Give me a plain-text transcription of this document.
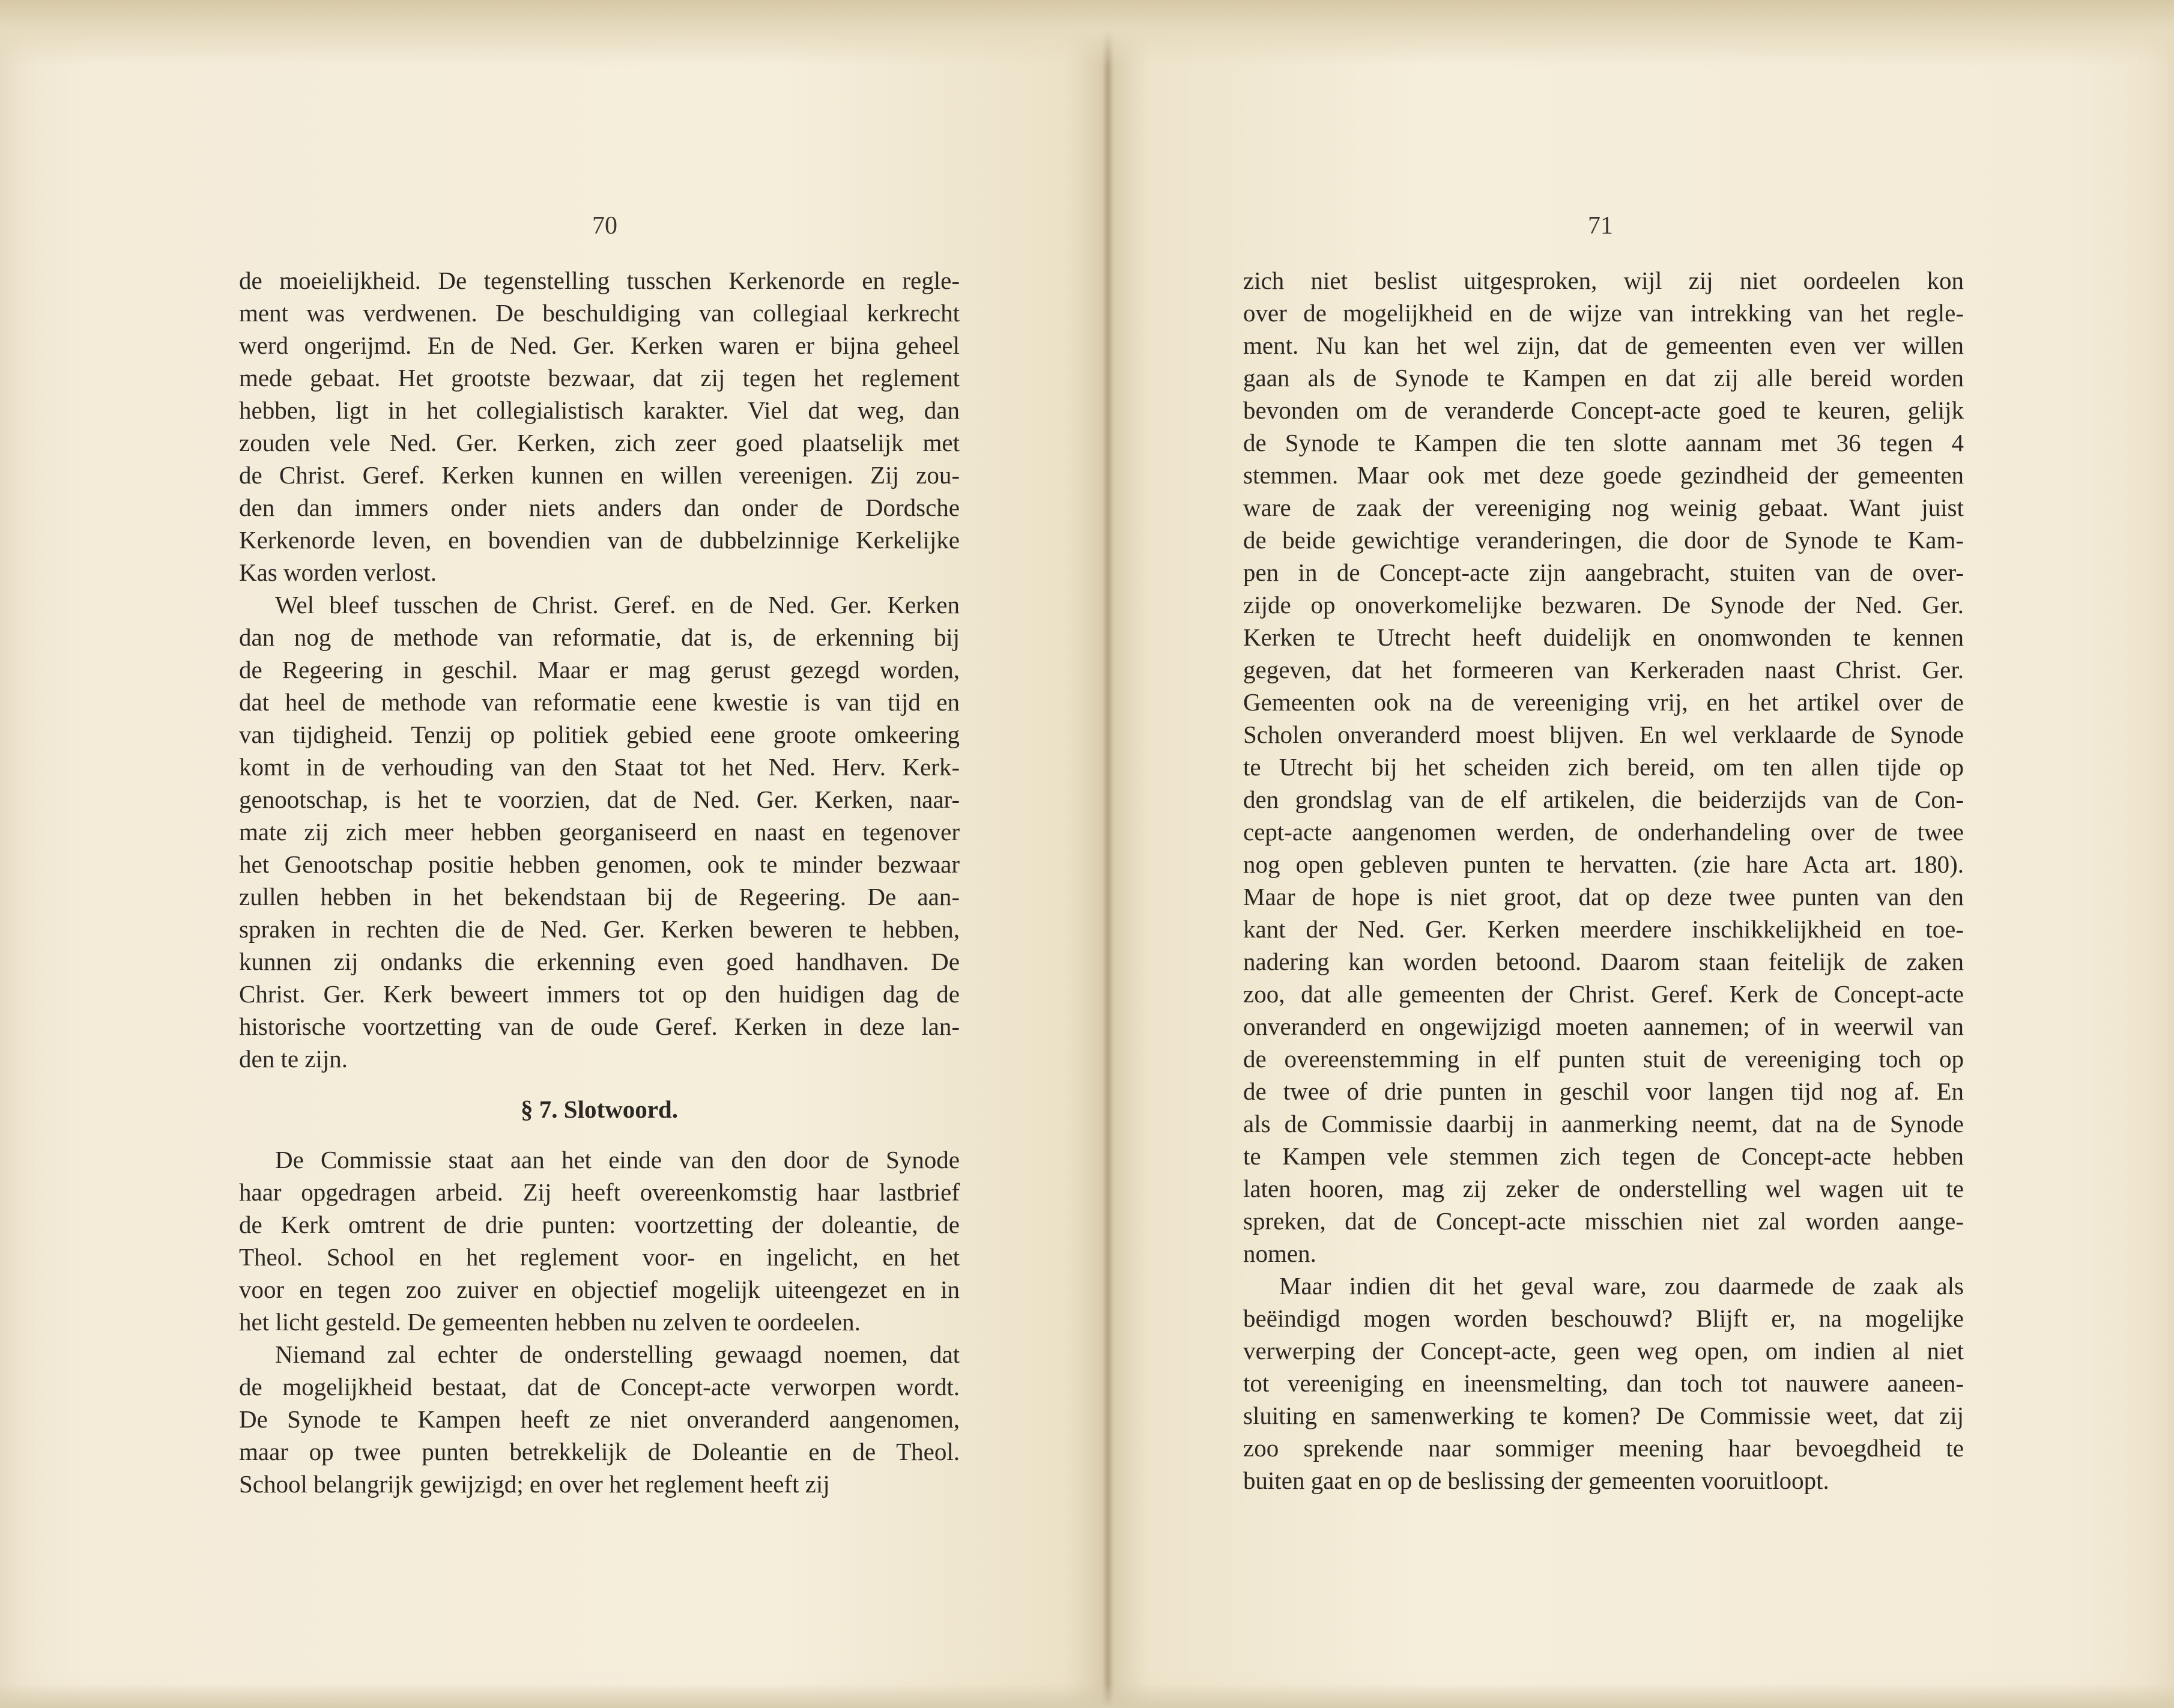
70
de moeielijkheid. De tegenstelling tusschen Kerkenorde en regle-
ment was verdwenen. De beschuldiging van collegiaal kerkrecht
werd ongerijmd. En de Ned. Ger. Kerken waren er bijna geheel
mede gebaat. Het grootste bezwaar, dat zij tegen het reglement
hebben, ligt in het collegialistisch karakter. Viel dat weg, dan
zouden vele Ned. Ger. Kerken, zich zeer goed plaatselijk met
de Christ. Geref. Kerken kunnen en willen vereenigen. Zij zou-
den dan immers onder niets anders dan onder de Dordsche
Kerkenorde leven, en bovendien van de dubbelzinnige Kerkelijke
Kas worden verlost.
Wel bleef tusschen de Christ. Geref. en de Ned. Ger. Kerken
dan nog de methode van reformatie, dat is, de erkenning bij
de Regeering in geschil. Maar er mag gerust gezegd worden,
dat heel de methode van reformatie eene kwestie is van tijd en
van tijdigheid. Tenzij op politiek gebied eene groote omkeering
komt in de verhouding van den Staat tot het Ned. Herv. Kerk-
genootschap, is het te voorzien, dat de Ned. Ger. Kerken, naar-
mate zij zich meer hebben georganiseerd en naast en tegenover
het Genootschap positie hebben genomen, ook te minder bezwaar
zullen hebben in het bekendstaan bij de Regeering. De aan-
spraken in rechten die de Ned. Ger. Kerken beweren te hebben,
kunnen zij ondanks die erkenning even goed handhaven. De
Christ. Ger. Kerk beweert immers tot op den huidigen dag de
historische voortzetting van de oude Geref. Kerken in deze lan-
den te zijn.

§ 7. Slotwoord.

De Commissie staat aan het einde van den door de Synode
haar opgedragen arbeid. Zij heeft overeenkomstig haar lastbrief
de Kerk omtrent de drie punten: voortzetting der doleantie, de
Theol. School en het reglement voor- en ingelicht, en het
voor en tegen zoo zuiver en objectief mogelijk uiteengezet en in
het licht gesteld. De gemeenten hebben nu zelven te oordeelen.
Niemand zal echter de onderstelling gewaagd noemen, dat
de mogelijkheid bestaat, dat de Concept-acte verworpen wordt.
De Synode te Kampen heeft ze niet onveranderd aangenomen,
maar op twee punten betrekkelijk de Doleantie en de Theol.
School belangrijk gewijzigd; en over het reglement heeft zij
71
zich niet beslist uitgesproken, wijl zij niet oordeelen kon
over de mogelijkheid en de wijze van intrekking van het regle-
ment. Nu kan het wel zijn, dat de gemeenten even ver willen
gaan als de Synode te Kampen en dat zij alle bereid worden
bevonden om de veranderde Concept-acte goed te keuren, gelijk
de Synode te Kampen die ten slotte aannam met 36 tegen 4
stemmen. Maar ook met deze goede gezindheid der gemeenten
ware de zaak der vereeniging nog weinig gebaat. Want juist
de beide gewichtige veranderingen, die door de Synode te Kam-
pen in de Concept-acte zijn aangebracht, stuiten van de over-
zijde op onoverkomelijke bezwaren. De Synode der Ned. Ger.
Kerken te Utrecht heeft duidelijk en onomwonden te kennen
gegeven, dat het formeeren van Kerkeraden naast Christ. Ger.
Gemeenten ook na de vereeniging vrij, en het artikel over de
Scholen onveranderd moest blijven. En wel verklaarde de Synode
te Utrecht bij het scheiden zich bereid, om ten allen tijde op
den grondslag van de elf artikelen, die beiderzijds van de Con-
cept-acte aangenomen werden, de onderhandeling over de twee
nog open gebleven punten te hervatten. (zie hare Acta art. 180).
Maar de hope is niet groot, dat op deze twee punten van den
kant der Ned. Ger. Kerken meerdere inschikkelijkheid en toe-
nadering kan worden betoond. Daarom staan feitelijk de zaken
zoo, dat alle gemeenten der Christ. Geref. Kerk de Concept-acte
onveranderd en ongewijzigd moeten aannemen; of in weerwil van
de overeenstemming in elf punten stuit de vereeniging toch op
de twee of drie punten in geschil voor langen tijd nog af. En
als de Commissie daarbij in aanmerking neemt, dat na de Synode
te Kampen vele stemmen zich tegen de Concept-acte hebben
laten hooren, mag zij zeker de onderstelling wel wagen uit te
spreken, dat de Concept-acte misschien niet zal worden aange-
nomen.
Maar indien dit het geval ware, zou daarmede de zaak als
beëindigd mogen worden beschouwd? Blijft er, na mogelijke
verwerping der Concept-acte, geen weg open, om indien al niet
tot vereeniging en ineensmelting, dan toch tot nauwere aaneen-
sluiting en samenwerking te komen? De Commissie weet, dat zij
zoo sprekende naar sommiger meening haar bevoegdheid te
buiten gaat en op de beslissing der gemeenten vooruitloopt.
